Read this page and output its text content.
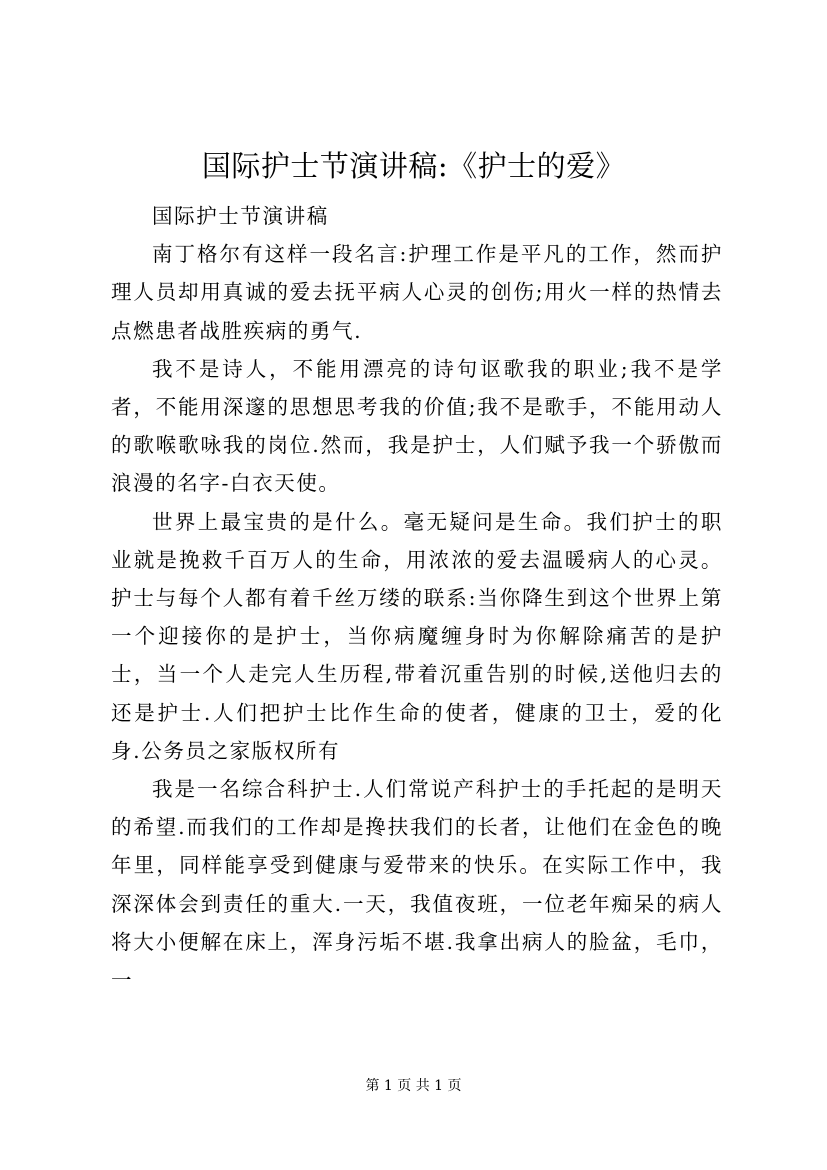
国际护士节演讲稿:《护士的爱》

国际护士节演讲稿

南丁格尔有这样一段名言:护理工作是平凡的工作，然而护理人员却用真诚的爱去抚平病人心灵的创伤;用火一样的热情去点燃患者战胜疾病的勇气.

我不是诗人，不能用漂亮的诗句讴歌我的职业;我不是学者，不能用深邃的思想思考我的价值;我不是歌手，不能用动人的歌喉歌咏我的岗位.然而，我是护士，人们赋予我一个骄傲而浪漫的名字-白衣天使。

世界上最宝贵的是什么。毫无疑问是生命。我们护士的职业就是挽救千百万人的生命，用浓浓的爱去温暖病人的心灵。护士与每个人都有着千丝万缕的联系:当你降生到这个世界上第一个迎接你的是护士，当你病魔缠身时为你解除痛苦的是护士，当一个人走完人生历程,带着沉重告别的时候,送他归去的还是护士.人们把护士比作生命的使者，健康的卫士，爱的化身.公务员之家版权所有

我是一名综合科护士.人们常说产科护士的手托起的是明天的希望.而我们的工作却是搀扶我们的长者，让他们在金色的晚年里，同样能享受到健康与爱带来的快乐。在实际工作中，我深深体会到责任的重大.一天，我值夜班，一位老年痴呆的病人将大小便解在床上，浑身污垢不堪.我拿出病人的脸盆，毛巾，一

第 1 页 共 1 页
